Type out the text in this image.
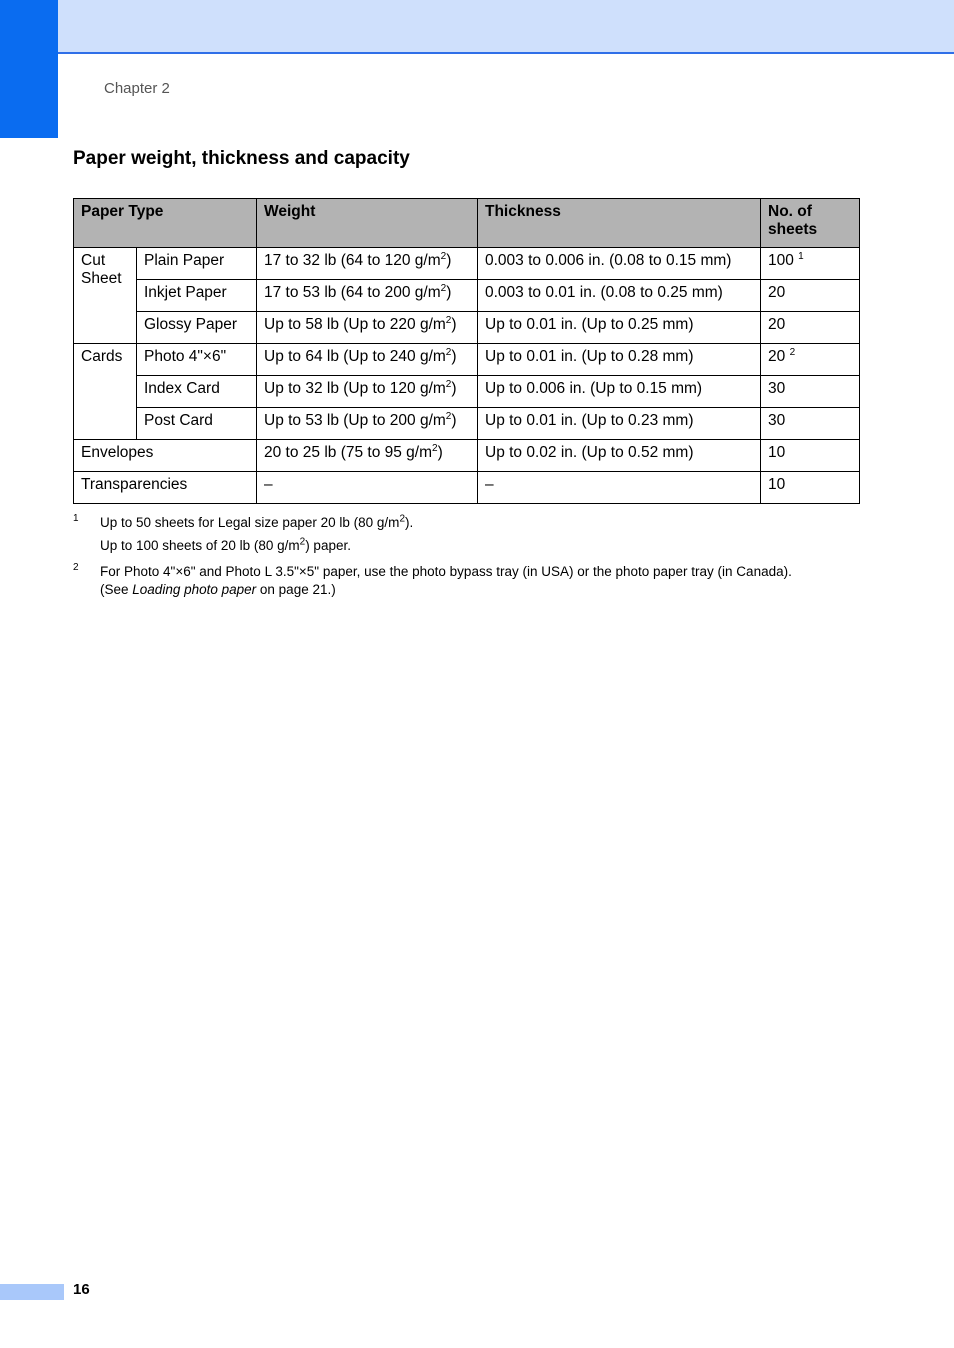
Chapter 2
Paper weight, thickness and capacity
Paper Type		Weight	Thickness	No. of sheets
Cut Sheet	Plain Paper	17 to 32 lb (64 to 120 $g/m^2$)	0.003 to 0.006 in. (0.08 to 0.15 mm)	100 $^1$
	Inkjet Paper	17 to 53 lb (64 to 200 $g/m^2$)	0.003 to 0.01 in. (0.08 to 0.25 mm)	20
	Glossy Paper	Up to 58 lb (Up to 220 $g/m^2$)	Up to 0.01 in. (Up to 0.25 mm)	20
Cards	Photo 4"×6"	Up to 64 lb (Up to 240 $g/m^2$)	Up to 0.01 in. (Up to 0.28 mm)	20 $^2$
	Index Card	Up to 32 lb (Up to 120 $g/m^2$)	Up to 0.006 in. (Up to 0.15 mm)	30
	Post Card	Up to 53 lb (Up to 200 $g/m^2$)	Up to 0.01 in. (Up to 0.23 mm)	30
Envelopes		20 to 25 lb (75 to 95 $g/m^2$)	Up to 0.02 in. (Up to 0.52 mm)	10
Transparencies		–	–	10
1 Up to 50 sheets for Legal size paper 20 lb (80 $g/m^2$).
Up to 100 sheets of 20 lb (80 $g/m^2$) paper.
2 For Photo 4"×6" and Photo L 3.5"×5" paper, use the photo bypass tray (in USA) or the photo paper tray (in Canada).
(See Loading photo paper on page 21.)
16
